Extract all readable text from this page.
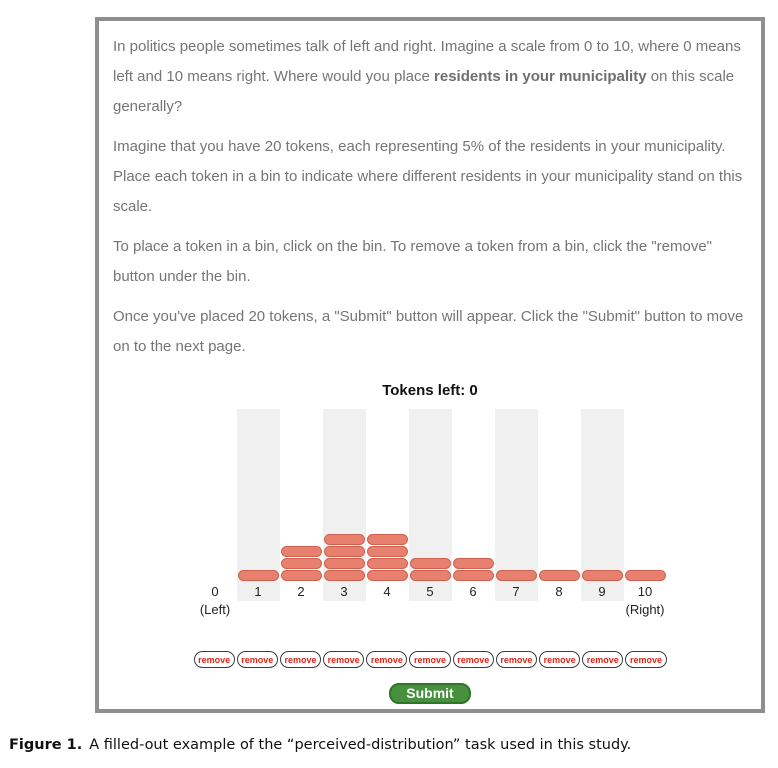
In politics people sometimes talk of left and right. Imagine a scale from 0 to 10, where 0 means left and 10 means right. Where would you place residents in your municipality on this scale generally?

Imagine that you have 20 tokens, each representing 5% of the residents in your municipality. Place each token in a bin to indicate where different residents in your municipality stand on this scale.

To place a token in a bin, click on the bin. To remove a token from a bin, click the "remove" button under the bin.

Once you've placed 20 tokens, a "Submit" button will appear. Click the "Submit" button to move on to the next page.

Tokens left: 0
0
(Left)
1	2	3	4	5	6	7	8	9	10
(Right)
remove	remove	remove	remove	remove	remove	remove	remove	remove	remove	remove
Submit
Figure 1. A filled-out example of the “perceived-distribution” task used in this study.
